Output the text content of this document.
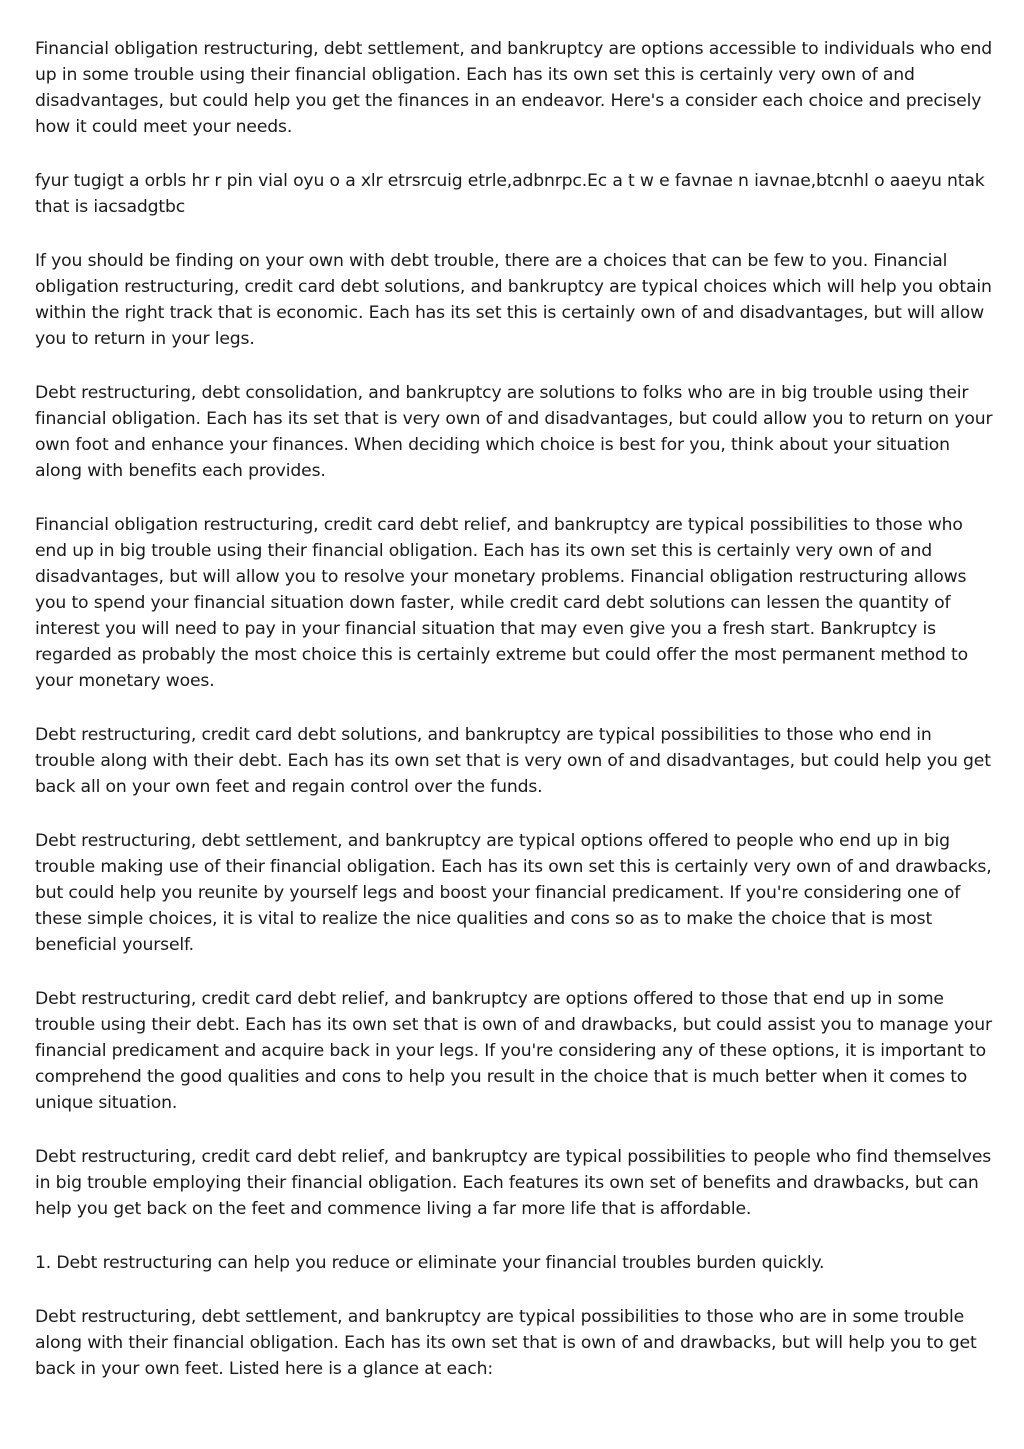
Financial obligation restructuring, debt settlement, and bankruptcy are options accessible to individuals who end up in some trouble using their financial obligation. Each has its own set this is certainly very own of and disadvantages, but could help you get the finances in an endeavor. Here's a consider each choice and precisely how it could meet your needs.

fyur tugigt a orbls hr r pin vial oyu o a xlr etrsrcuig etrle,adbnrpc.Ec a t w e favnae n iavnae,btcnhl o aaeyu ntak that is iacsadgtbc

If you should be finding on your own with debt trouble, there are a choices that can be few to you. Financial obligation restructuring, credit card debt solutions, and bankruptcy are typical choices which will help you obtain within the right track that is economic. Each has its set this is certainly own of and disadvantages, but will allow you to return in your legs.

Debt restructuring, debt consolidation, and bankruptcy are solutions to folks who are in big trouble using their financial obligation. Each has its set that is very own of and disadvantages, but could allow you to return on your own foot and enhance your finances. When deciding which choice is best for you, think about your situation along with benefits each provides.

Financial obligation restructuring, credit card debt relief, and bankruptcy are typical possibilities to those who end up in big trouble using their financial obligation. Each has its own set this is certainly very own of and disadvantages, but will allow you to resolve your monetary problems. Financial obligation restructuring allows you to spend your financial situation down faster, while credit card debt solutions can lessen the quantity of interest you will need to pay in your financial situation that may even give you a fresh start. Bankruptcy is regarded as probably the most choice this is certainly extreme but could offer the most permanent method to your monetary woes.

Debt restructuring, credit card debt solutions, and bankruptcy are typical possibilities to those who end in trouble along with their debt. Each has its own set that is very own of and disadvantages, but could help you get back all on your own feet and regain control over the funds.

Debt restructuring, debt settlement, and bankruptcy are typical options offered to people who end up in big trouble making use of their financial obligation. Each has its own set this is certainly very own of and drawbacks, but could help you reunite by yourself legs and boost your financial predicament. If you're considering one of these simple choices, it is vital to realize the nice qualities and cons so as to make the choice that is most beneficial yourself.

Debt restructuring, credit card debt relief, and bankruptcy are options offered to those that end up in some trouble using their debt. Each has its own set that is own of and drawbacks, but could assist you to manage your financial predicament and acquire back in your legs. If you're considering any of these options, it is important to comprehend the good qualities and cons to help you result in the choice that is much better when it comes to unique situation.

Debt restructuring, credit card debt relief, and bankruptcy are typical possibilities to people who find themselves in big trouble employing their financial obligation. Each features its own set of benefits and drawbacks, but can help you get back on the feet and commence living a far more life that is affordable.

1. Debt restructuring can help you reduce or eliminate your financial troubles burden quickly.

Debt restructuring, debt settlement, and bankruptcy are typical possibilities to those who are in some trouble along with their financial obligation. Each has its own set that is own of and drawbacks, but will help you to get back in your own feet. Listed here is a glance at each:
